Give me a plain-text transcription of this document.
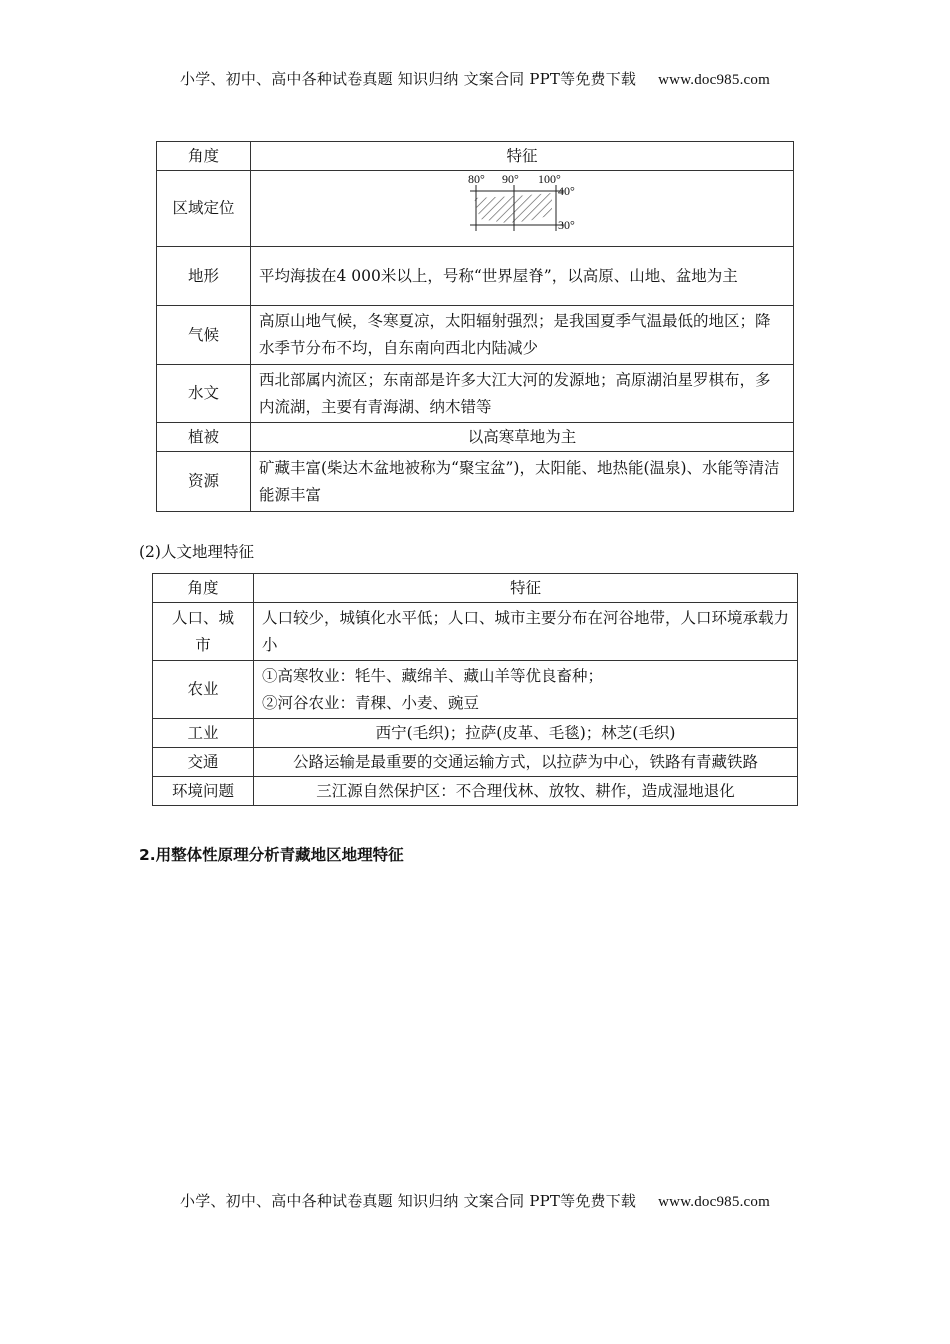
小学、初中、高中各种试卷真题 知识归纳 文案合同 PPT等免费下载 www.doc985.com
角度	特征
区域定位	80° 90° 100°
40°
30°

地形	平均海拔在4 000米以上，号称“世界屋脊”，以高原、山地、盆地为主
气候	高原山地气候，冬寒夏凉，太阳辐射强烈；是我国夏季气温最低的地区；降水季节分布不均，自东南向西北内陆减少
水文	西北部属内流区；东南部是许多大江大河的发源地；高原湖泊星罗棋布，多内流湖，主要有青海湖、纳木错等
植被	以高寒草地为主
资源	矿藏丰富(柴达木盆地被称为“聚宝盆”)，太阳能、地热能(温泉)、水能等清洁能源丰富
(2)人文地理特征
角度	特征
人口、城市	人口较少，城镇化水平低；人口、城市主要分布在河谷地带，人口环境承载力小
农业	①高寒牧业：牦牛、藏绵羊、藏山羊等优良畜种；
②河谷农业：青稞、小麦、豌豆

工业	西宁(毛织)；拉萨(皮革、毛毯)；林芝(毛织)
交通	公路运输是最重要的交通运输方式，以拉萨为中心，铁路有青藏铁路
环境问题	三江源自然保护区：不合理伐林、放牧、耕作，造成湿地退化
2.用整体性原理分析青藏地区地理特征
小学、初中、高中各种试卷真题 知识归纳 文案合同 PPT等免费下载 www.doc985.com
